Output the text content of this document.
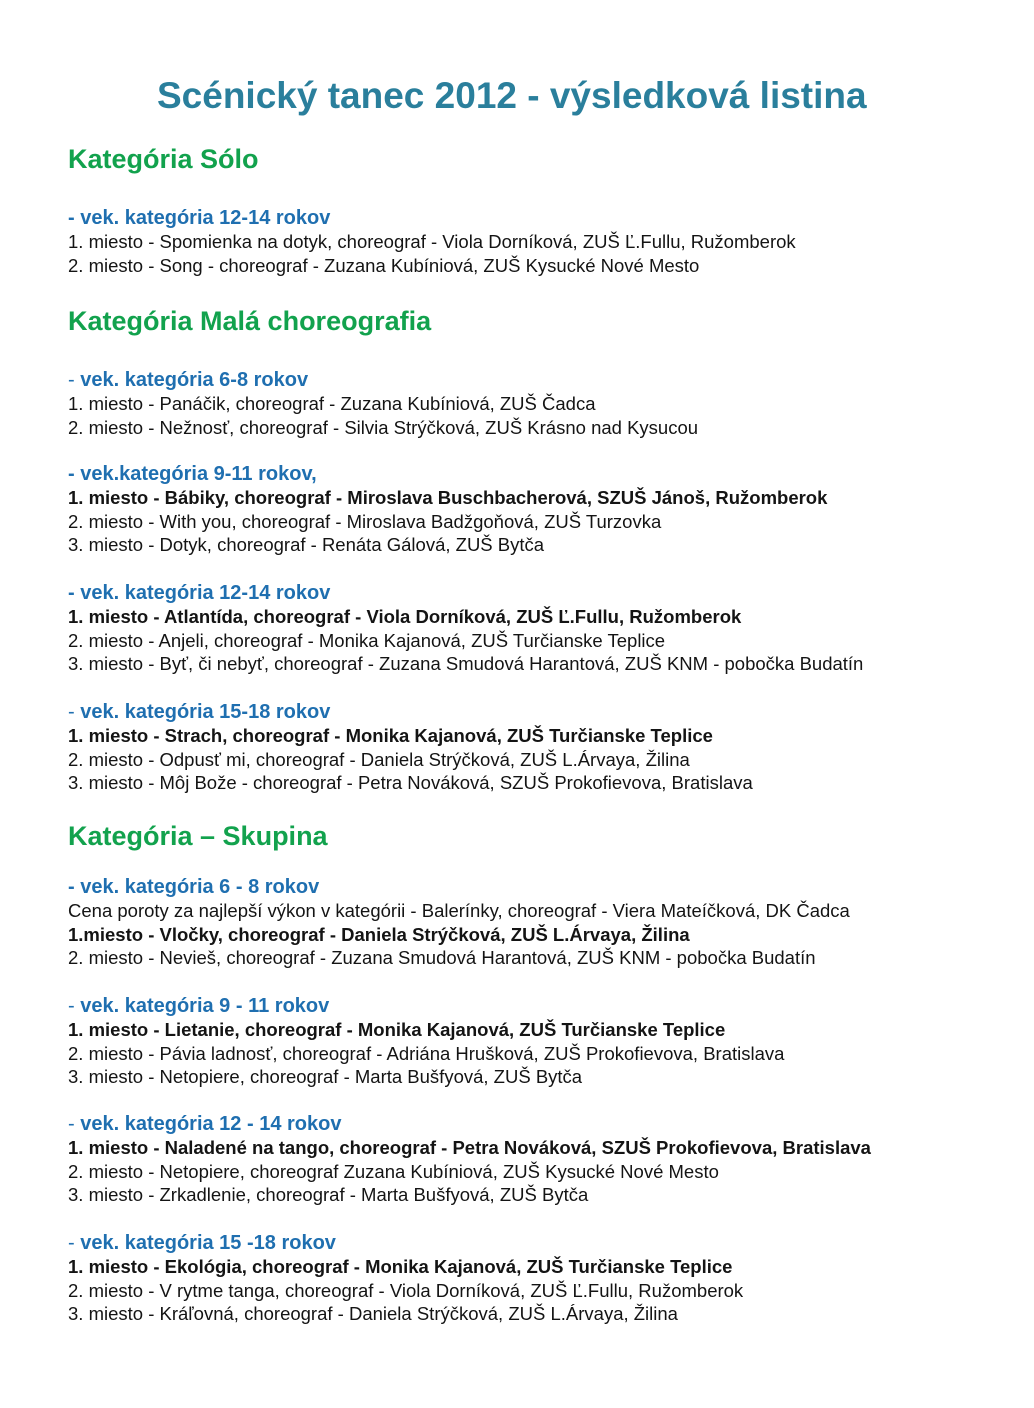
Scénický tanec 2012 - výsledková listina
Kategória Sólo
- vek. kategória 12-14 rokov
1. miesto - Spomienka na dotyk, choreograf - Viola Dorníková, ZUŠ Ľ.Fullu, Ružomberok
2. miesto - Song - choreograf - Zuzana Kubíniová, ZUŠ Kysucké Nové Mesto
Kategória Malá choreografia
- vek. kategória 6-8 rokov
1. miesto - Panáčik, choreograf - Zuzana Kubíniová, ZUŠ Čadca
2. miesto - Nežnosť, choreograf - Silvia Strýčková, ZUŠ Krásno nad Kysucou
- vek.kategória 9-11 rokov,
1. miesto - Bábiky, choreograf - Miroslava Buschbacherová, SZUŠ Jánoš, Ružomberok
2. miesto - With you, choreograf - Miroslava Badžgoňová, ZUŠ Turzovka
3. miesto - Dotyk, choreograf - Renáta Gálová, ZUŠ Bytča
- vek. kategória 12-14 rokov
1. miesto - Atlantída, choreograf - Viola Dorníková, ZUŠ Ľ.Fullu, Ružomberok
2. miesto - Anjeli, choreograf - Monika Kajanová, ZUŠ Turčianske Teplice
3. miesto - Byť, či nebyť, choreograf - Zuzana Smudová Harantová, ZUŠ KNM - pobočka Budatín
- vek. kategória 15-18 rokov
1. miesto - Strach, choreograf - Monika Kajanová, ZUŠ Turčianske Teplice
2. miesto - Odpusť mi, choreograf - Daniela Strýčková, ZUŠ L.Árvaya, Žilina
3. miesto - Môj Bože - choreograf - Petra Nováková, SZUŠ Prokofievova, Bratislava
Kategória – Skupina
- vek. kategória 6 - 8 rokov
Cena poroty za najlepší výkon v kategórii - Balerínky, choreograf - Viera Mateíčková, DK Čadca
1.miesto - Vločky, choreograf - Daniela Strýčková, ZUŠ L.Árvaya, Žilina
2. miesto - Nevieš, choreograf - Zuzana Smudová Harantová, ZUŠ KNM - pobočka Budatín
- vek. kategória 9 - 11 rokov
1. miesto - Lietanie, choreograf - Monika Kajanová, ZUŠ Turčianske Teplice
2. miesto - Pávia ladnosť, choreograf - Adriána Hrušková, ZUŠ Prokofievova, Bratislava
3. miesto - Netopiere, choreograf - Marta Bušfyová, ZUŠ Bytča
- vek. kategória 12 - 14 rokov
1. miesto - Naladené na tango, choreograf - Petra Nováková, SZUŠ Prokofievova, Bratislava
2. miesto - Netopiere, choreograf Zuzana Kubíniová, ZUŠ Kysucké Nové Mesto
3. miesto - Zrkadlenie, choreograf - Marta Bušfyová, ZUŠ Bytča
- vek. kategória 15 -18 rokov
1. miesto - Ekológia, choreograf - Monika Kajanová, ZUŠ Turčianske Teplice
2. miesto - V rytme tanga, choreograf - Viola Dorníková, ZUŠ Ľ.Fullu, Ružomberok
3. miesto - Kráľovná, choreograf - Daniela Strýčková, ZUŠ L.Árvaya, Žilina
